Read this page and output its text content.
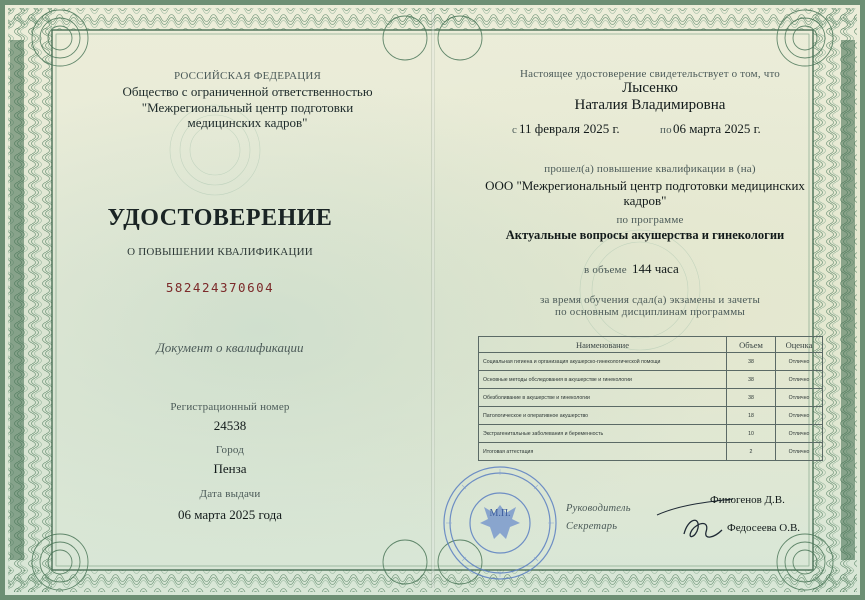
РОССИЙСКАЯ ФЕДЕРАЦИЯ
Общество с ограниченной ответственностью
"Межрегиональный центр подготовки
медицинских кадров"
УДОСТОВЕРЕНИЕ
О ПОВЫШЕНИИ КВАЛИФИКАЦИИ
582424370604
Документ о квалификации
Регистрационный номер
24538
Город
Пенза
Дата выдачи
06 марта 2025 года
Настоящее удостоверение свидетельствует о том, что
Лысенко
Наталия Владимировна
с 11 февраля 2025 г.	по 06 марта 2025 г.
прошел(а) повышение квалификации в (на)
ООО "Межрегиональный центр подготовки медицинских
кадров"
по программе
Актуальные вопросы акушерства и гинекологии
в объеме 144 часа
за время обучения сдал(а) экзамены и зачеты
по основным дисциплинам программы
Наименование	Объем	Оценка
Социальная гигиена и организация акушерско-гинекологической помощи	38	Отлично
Основные методы обследования в акушерстве и гинекологии	38	Отлично
Обезболивание в акушерстве и гинекологии	38	Отлично
Патологическое и оперативное акушерство	18	Отлично
Экстрагенитальные заболевания и беременность	10	Отлично
Итоговая аттестация	2	Отлично
М.П.	Руководитель
Секретарь
Финогенов Д.В.
Федосеева О.В.
